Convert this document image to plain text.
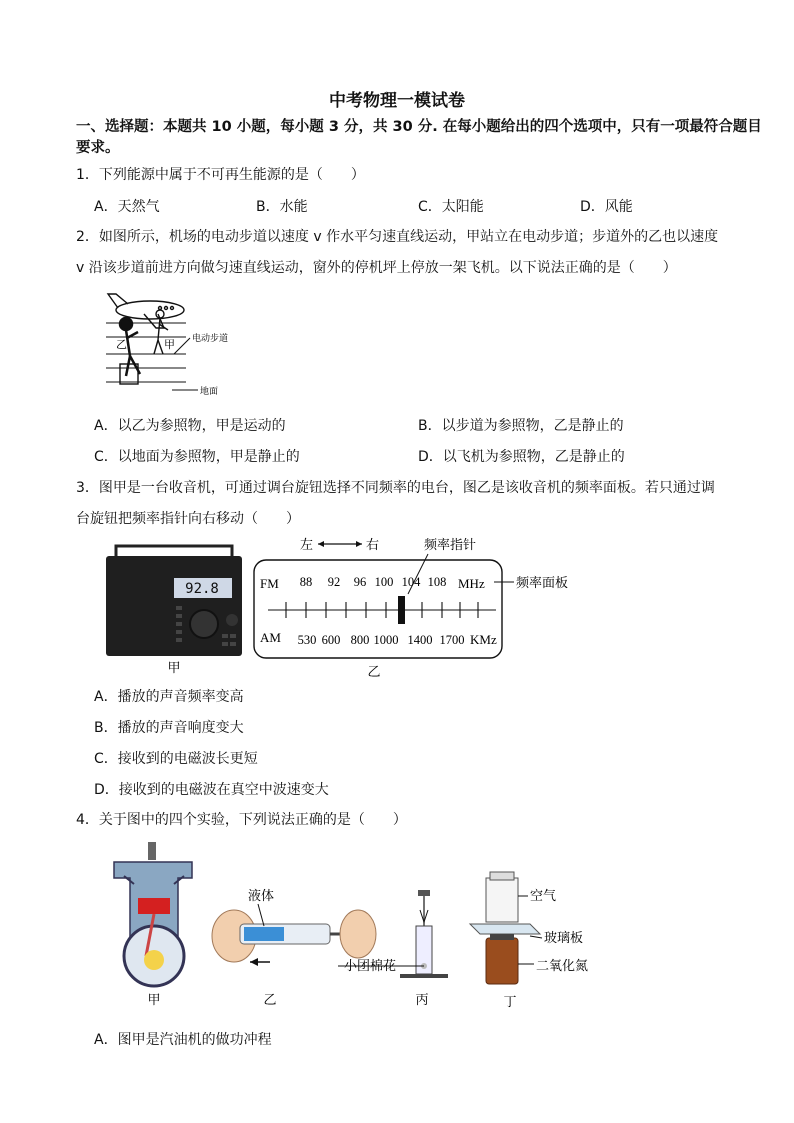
中考物理一模试卷
一、选择题：本题共 10 小题，每小题 3 分，共 30 分. 在每小题给出的四个选项中，只有一项最符合题目要求。
1．下列能源中属于不可再生能源的是（　　）
A．天然气	B．水能	C．太阳能	D．风能
2．如图所示，机场的电动步道以速度 v 作水平匀速直线运动，甲站立在电动步道；步道外的乙也以速度
v 沿该步道前进方向做匀速直线运动，窗外的停机坪上停放一架飞机。以下说法正确的是（　　）
乙	甲 电动步道
地面
A．以乙为参照物，甲是运动的	B．以步道为参照物，乙是静止的
C．以地面为参照物，甲是静止的	D．以飞机为参照物，乙是静止的
3．图甲是一台收音机，可通过调台旋钮选择不同频率的电台，图乙是该收音机的频率面板。若只通过调
台旋钮把频率指针向右移动（　　）
92.8
甲
左	右	频率指针
FM 88 92 96 100 104 108 MHz
AM 530 600 800 1000 1400 1700 KMz
频率面板
乙
A．播放的声音频率变高
B．播放的声音响度变大
C．接收到的电磁波长更短
D．接收到的电磁波在真空中波速变大
4．关于图中的四个实验，下列说法正确的是（　　）
甲
液体
乙
小团棉花
丙
空气
玻璃板
二氧化氮
丁
A．图甲是汽油机的做功冲程
